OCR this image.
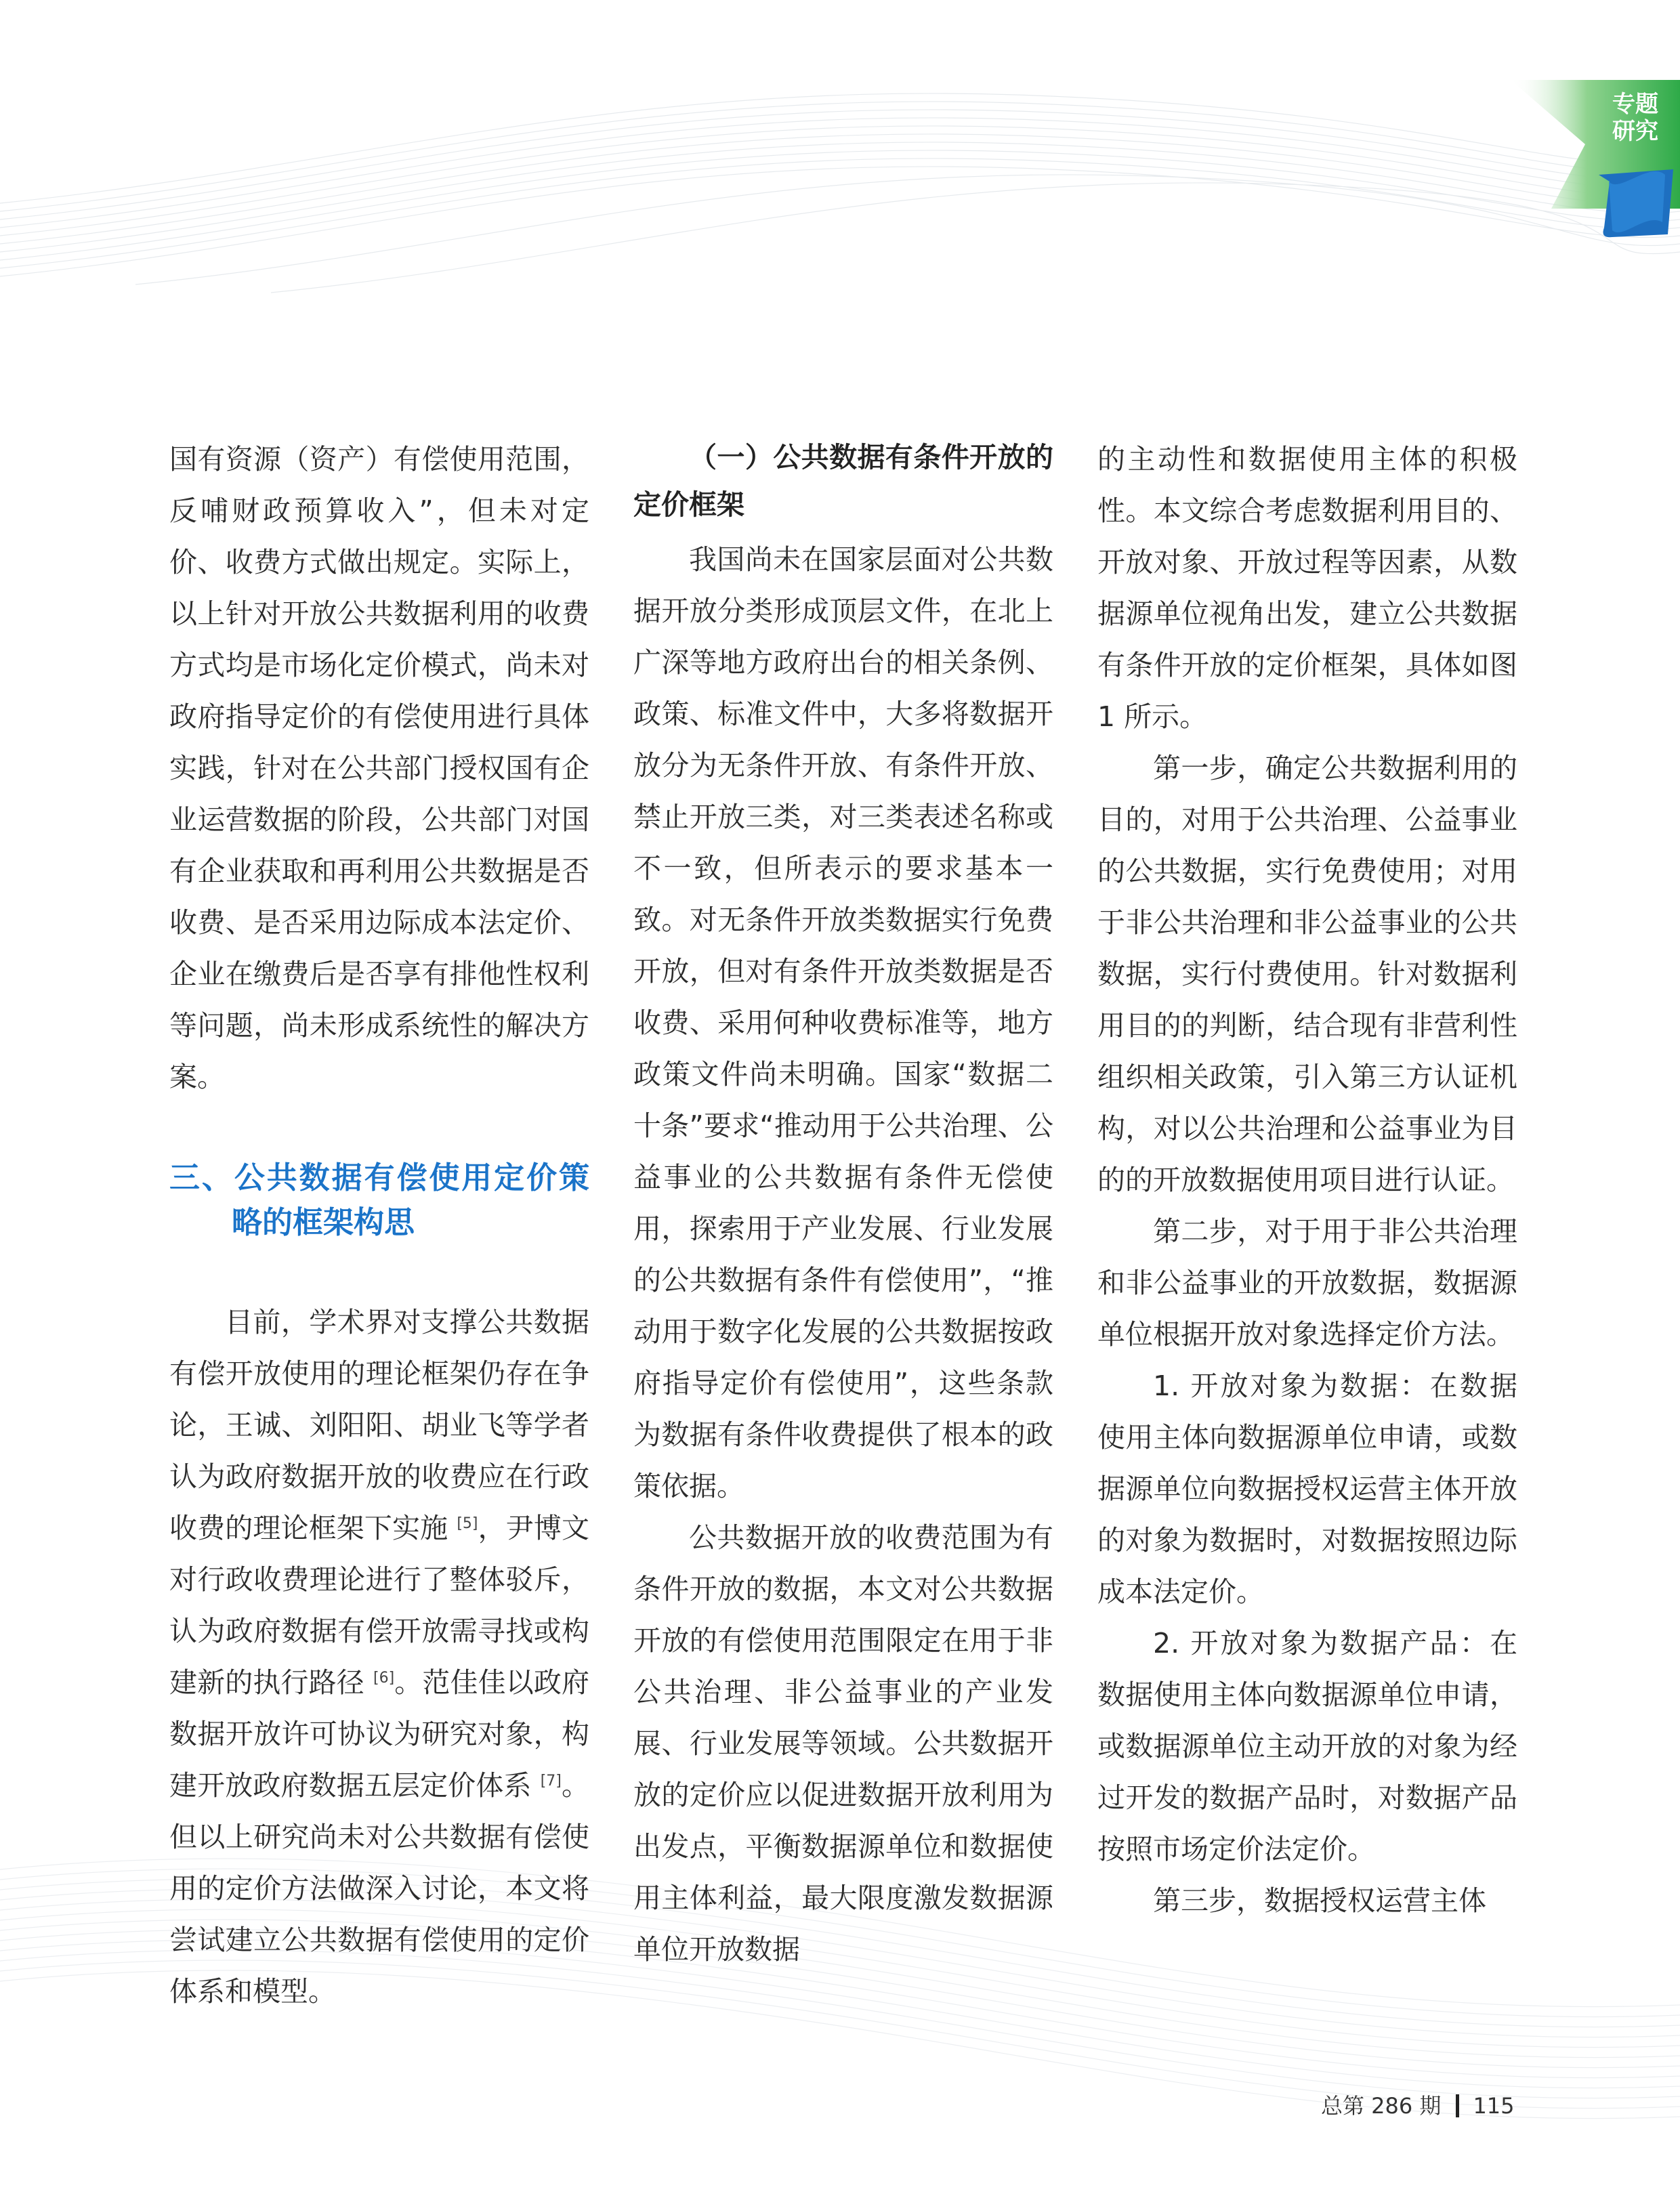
专题
研究

国有资源（资产）有偿使用范围，反哺财政预算收入”，但未对定价、收费方式做出规定。实际上，以上针对开放公共数据利用的收费方式均是市场化定价模式，尚未对政府指导定价的有偿使用进行具体实践，针对在公共部门授权国有企业运营数据的阶段，公共部门对国有企业获取和再利用公共数据是否收费、是否采用边际成本法定价、企业在缴费后是否享有排他性权利等问题，尚未形成系统性的解决方案。

三、公共数据有偿使用定价策略的框架构思

目前，学术界对支撑公共数据有偿开放使用的理论框架仍存在争论，王诚、刘阳阳、胡业飞等学者认为政府数据开放的收费应在行政收费的理论框架下实施 [5]，尹博文对行政收费理论进行了整体驳斥，认为政府数据有偿开放需寻找或构建新的执行路径 [6]。范佳佳以政府数据开放许可协议为研究对象，构建开放政府数据五层定价体系 [7]。但以上研究尚未对公共数据有偿使用的定价方法做深入讨论，本文将尝试建立公共数据有偿使用的定价体系和模型。

（一）公共数据有条件开放的定价框架

我国尚未在国家层面对公共数据开放分类形成顶层文件，在北上广深等地方政府出台的相关条例、政策、标准文件中，大多将数据开放分为无条件开放、有条件开放、禁止开放三类，对三类表述名称或不一致，但所表示的要求基本一致。对无条件开放类数据实行免费开放，但对有条件开放类数据是否收费、采用何种收费标准等，地方政策文件尚未明确。国家“数据二十条”要求“推动用于公共治理、公益事业的公共数据有条件无偿使用，探索用于产业发展、行业发展的公共数据有条件有偿使用”，“推动用于数字化发展的公共数据按政府指导定价有偿使用”，这些条款为数据有条件收费提供了根本的政策依据。

公共数据开放的收费范围为有条件开放的数据，本文对公共数据开放的有偿使用范围限定在用于非公共治理、非公益事业的产业发展、行业发展等领域。公共数据开放的定价应以促进数据开放利用为出发点，平衡数据源单位和数据使用主体利益，最大限度激发数据源单位开放数据

的主动性和数据使用主体的积极性。本文综合考虑数据利用目的、开放对象、开放过程等因素，从数据源单位视角出发，建立公共数据有条件开放的定价框架，具体如图 1 所示。

第一步，确定公共数据利用的目的，对用于公共治理、公益事业的公共数据，实行免费使用；对用于非公共治理和非公益事业的公共数据，实行付费使用。针对数据利用目的的判断，结合现有非营利性组织相关政策，引入第三方认证机构，对以公共治理和公益事业为目的的开放数据使用项目进行认证。

第二步，对于用于非公共治理和非公益事业的开放数据，数据源单位根据开放对象选择定价方法。

1. 开放对象为数据：在数据使用主体向数据源单位申请，或数据源单位向数据授权运营主体开放的对象为数据时，对数据按照边际成本法定价。

2. 开放对象为数据产品：在数据使用主体向数据源单位申请，或数据源单位主动开放的对象为经过开发的数据产品时，对数据产品按照市场定价法定价。

第三步，数据授权运营主体

总第 286 期 115
